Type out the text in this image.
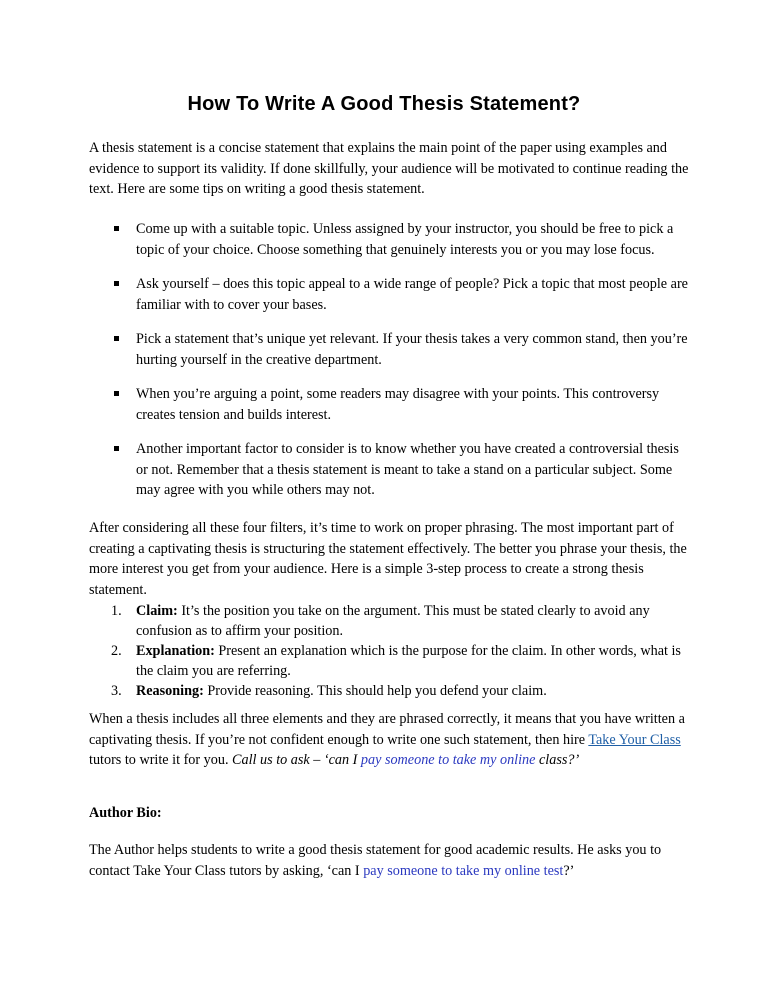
How To Write A Good Thesis Statement?
A thesis statement is a concise statement that explains the main point of the paper using examples and evidence to support its validity. If done skillfully, your audience will be motivated to continue reading the text. Here are some tips on writing a good thesis statement.
Come up with a suitable topic. Unless assigned by your instructor, you should be free to pick a topic of your choice. Choose something that genuinely interests you or you may lose focus.
Ask yourself – does this topic appeal to a wide range of people? Pick a topic that most people are familiar with to cover your bases.
Pick a statement that’s unique yet relevant. If your thesis takes a very common stand, then you’re hurting yourself in the creative department.
When you’re arguing a point, some readers may disagree with your points. This controversy creates tension and builds interest.
Another important factor to consider is to know whether you have created a controversial thesis or not. Remember that a thesis statement is meant to take a stand on a particular subject. Some may agree with you while others may not.
After considering all these four filters, it’s time to work on proper phrasing. The most important part of creating a captivating thesis is structuring the statement effectively. The better you phrase your thesis, the more interest you get from your audience. Here is a simple 3-step process to create a strong thesis statement.
1. Claim: It’s the position you take on the argument. This must be stated clearly to avoid any confusion as to affirm your position.
2. Explanation: Present an explanation which is the purpose for the claim. In other words, what is the claim you are referring.
3. Reasoning: Provide reasoning. This should help you defend your claim.
When a thesis includes all three elements and they are phrased correctly, it means that you have written a captivating thesis. If you’re not confident enough to write one such statement, then hire Take Your Class tutors to write it for you. Call us to ask – ‘can I pay someone to take my online class?’
Author Bio:
The Author helps students to write a good thesis statement for good academic results. He asks you to contact Take Your Class tutors by asking, ‘can I pay someone to take my online test?’
